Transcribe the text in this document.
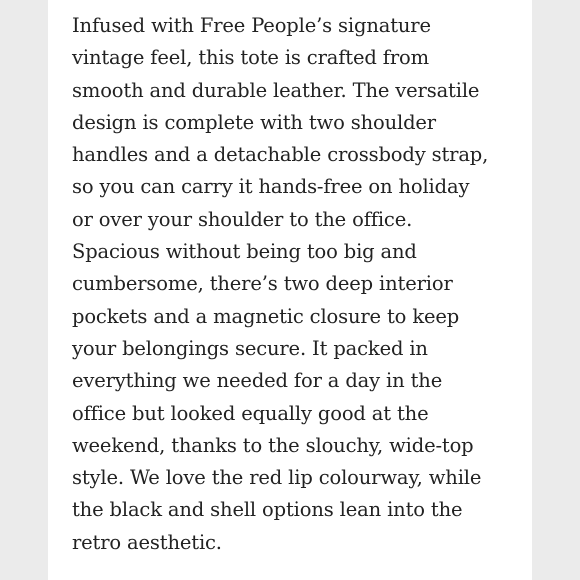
Infused with Free People’s signature
vintage feel, this tote is crafted from
smooth and durable leather. The versatile
design is complete with two shoulder
handles and a detachable crossbody strap,
so you can carry it hands-free on holiday
or over your shoulder to the office.
Spacious without being too big and
cumbersome, there’s two deep interior
pockets and a magnetic closure to keep
your belongings secure. It packed in
everything we needed for a day in the
office but looked equally good at the
weekend, thanks to the slouchy, wide-top
style. We love the red lip colourway, while
the black and shell options lean into the
retro aesthetic.
